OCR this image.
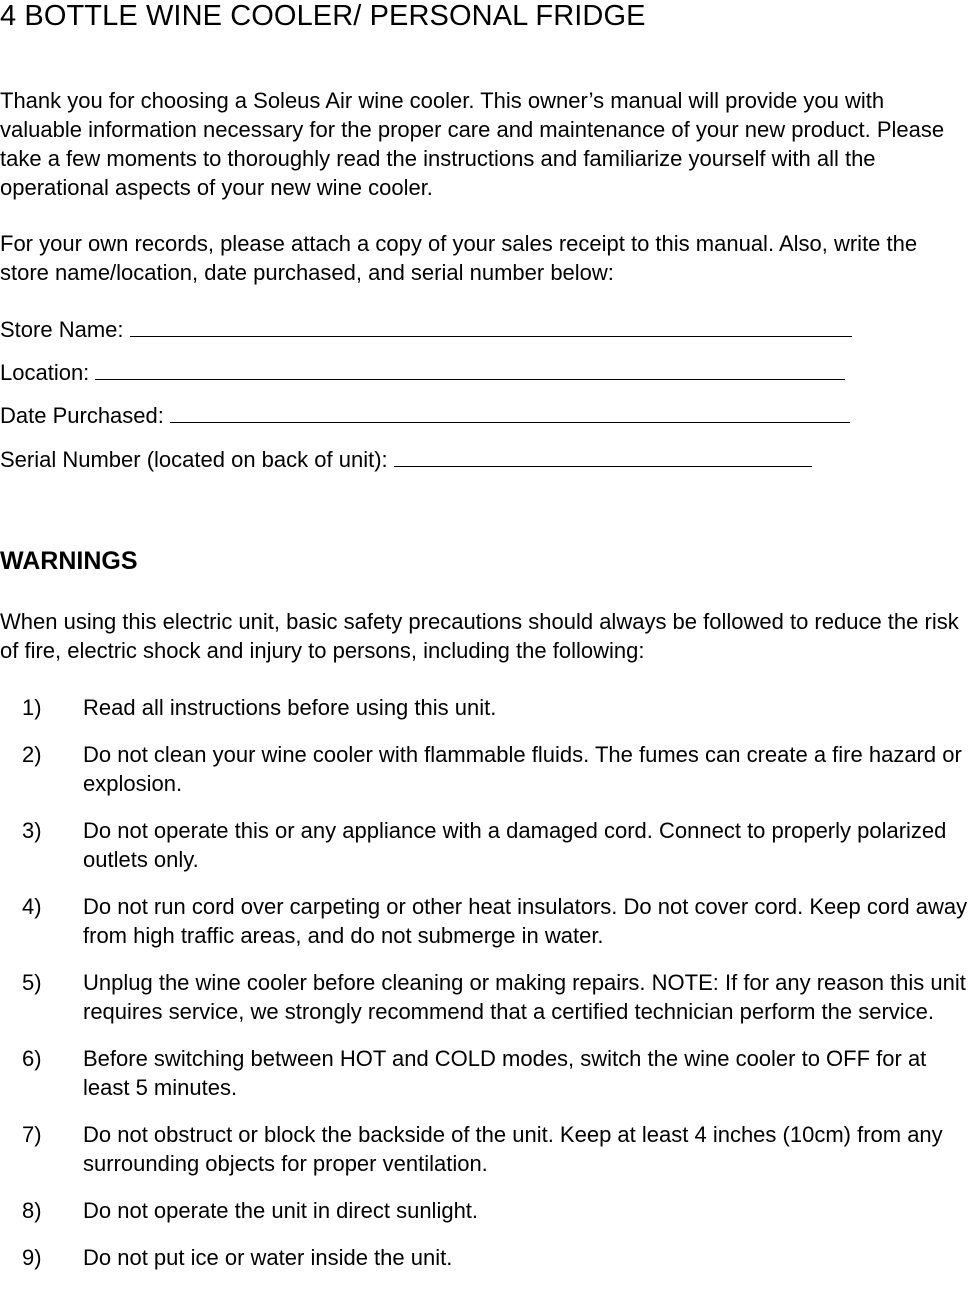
4 BOTTLE WINE COOLER/ PERSONAL FRIDGE

Thank you for choosing a Soleus Air wine cooler. This owner’s manual will provide you with valuable information necessary for the proper care and maintenance of your new product. Please take a few moments to thoroughly read the instructions and familiarize yourself with all the operational aspects of your new wine cooler.

For your own records, please attach a copy of your sales receipt to this manual. Also, write the store name/location, date purchased, and serial number below:

Store Name:
Location:
Date Purchased:
Serial Number (located on back of unit):
WARNINGS

When using this electric unit, basic safety precautions should always be followed to reduce the risk of fire, electric shock and injury to persons, including the following:

1)	Read all instructions before using this unit.
2)	Do not clean your wine cooler with flammable fluids. The fumes can create a fire hazard or explosion.
3)	Do not operate this or any appliance with a damaged cord. Connect to properly polarized outlets only.
4)	Do not run cord over carpeting or other heat insulators. Do not cover cord. Keep cord away from high traffic areas, and do not submerge in water.
5)	Unplug the wine cooler before cleaning or making repairs. NOTE: If for any reason this unit requires service, we strongly recommend that a certified technician perform the service.
6)	Before switching between HOT and COLD modes, switch the wine cooler to OFF for at least 5 minutes.
7)	Do not obstruct or block the backside of the unit. Keep at least 4 inches (10cm) from any surrounding objects for proper ventilation.
8)	Do not operate the unit in direct sunlight.
9)	Do not put ice or water inside the unit.
